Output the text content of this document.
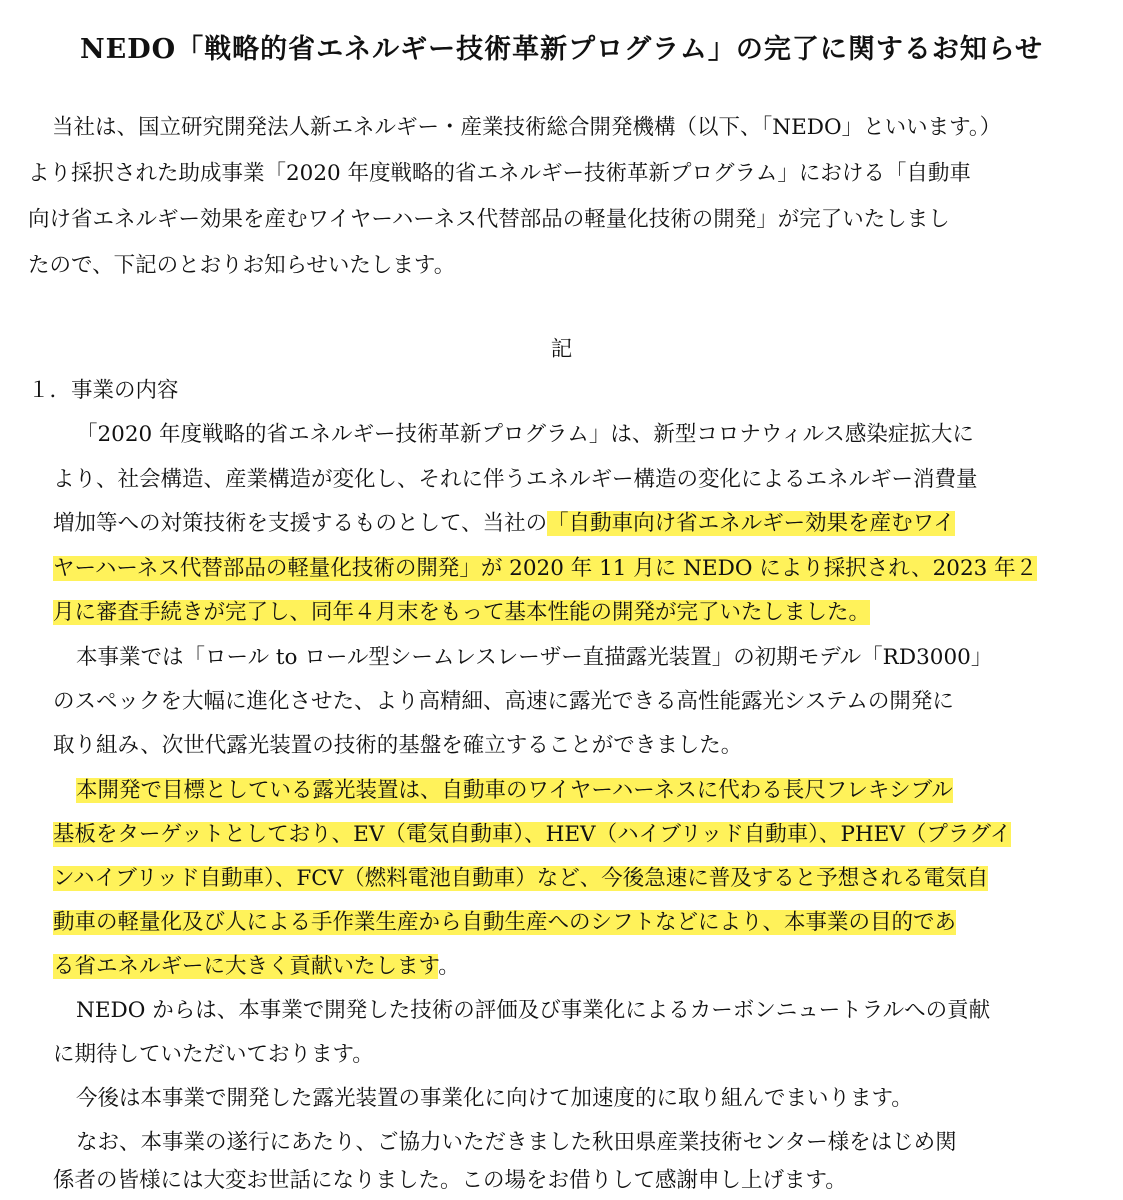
NEDO「戦略的省エネルギー技術革新プログラム」の完了に関するお知らせ
当社は、国立研究開発法人新エネルギー・産業技術総合開発機構（以下、「NEDO」といいます。）
より採択された助成事業「2020 年度戦略的省エネルギー技術革新プログラム」における「自動車
向け省エネルギー効果を産むワイヤーハーネス代替部品の軽量化技術の開発」が完了いたしまし
たので、下記のとおりお知らせいたします。
記
１．事業の内容
「2020 年度戦略的省エネルギー技術革新プログラム」は、新型コロナウィルス感染症拡大に
より、社会構造、産業構造が変化し、それに伴うエネルギー構造の変化によるエネルギー消費量
増加等への対策技術を支援するものとして、当社の「自動車向け省エネルギー効果を産むワイ
ヤーハーネス代替部品の軽量化技術の開発」が 2020 年 11 月に NEDO により採択され、2023 年２
月に審査手続きが完了し、同年４月末をもって基本性能の開発が完了いたしました。
本事業では「ロール to ロール型シームレスレーザー直描露光装置」の初期モデル「RD3000」
のスペックを大幅に進化させた、より高精細、高速に露光できる高性能露光システムの開発に
取り組み、次世代露光装置の技術的基盤を確立することができました。
本開発で目標としている露光装置は、自動車のワイヤーハーネスに代わる長尺フレキシブル
基板をターゲットとしており、EV（電気自動車）、HEV（ハイブリッド自動車）、PHEV（プラグイ
ンハイブリッド自動車）、FCV（燃料電池自動車）など、今後急速に普及すると予想される電気自
動車の軽量化及び人による手作業生産から自動生産へのシフトなどにより、本事業の目的であ
る省エネルギーに大きく貢献いたします。
NEDO からは、本事業で開発した技術の評価及び事業化によるカーボンニュートラルへの貢献
に期待していただいております。
今後は本事業で開発した露光装置の事業化に向けて加速度的に取り組んでまいります。
なお、本事業の遂行にあたり、ご協力いただきました秋田県産業技術センター様をはじめ関
係者の皆様には大変お世話になりました。この場をお借りして感謝申し上げます。
